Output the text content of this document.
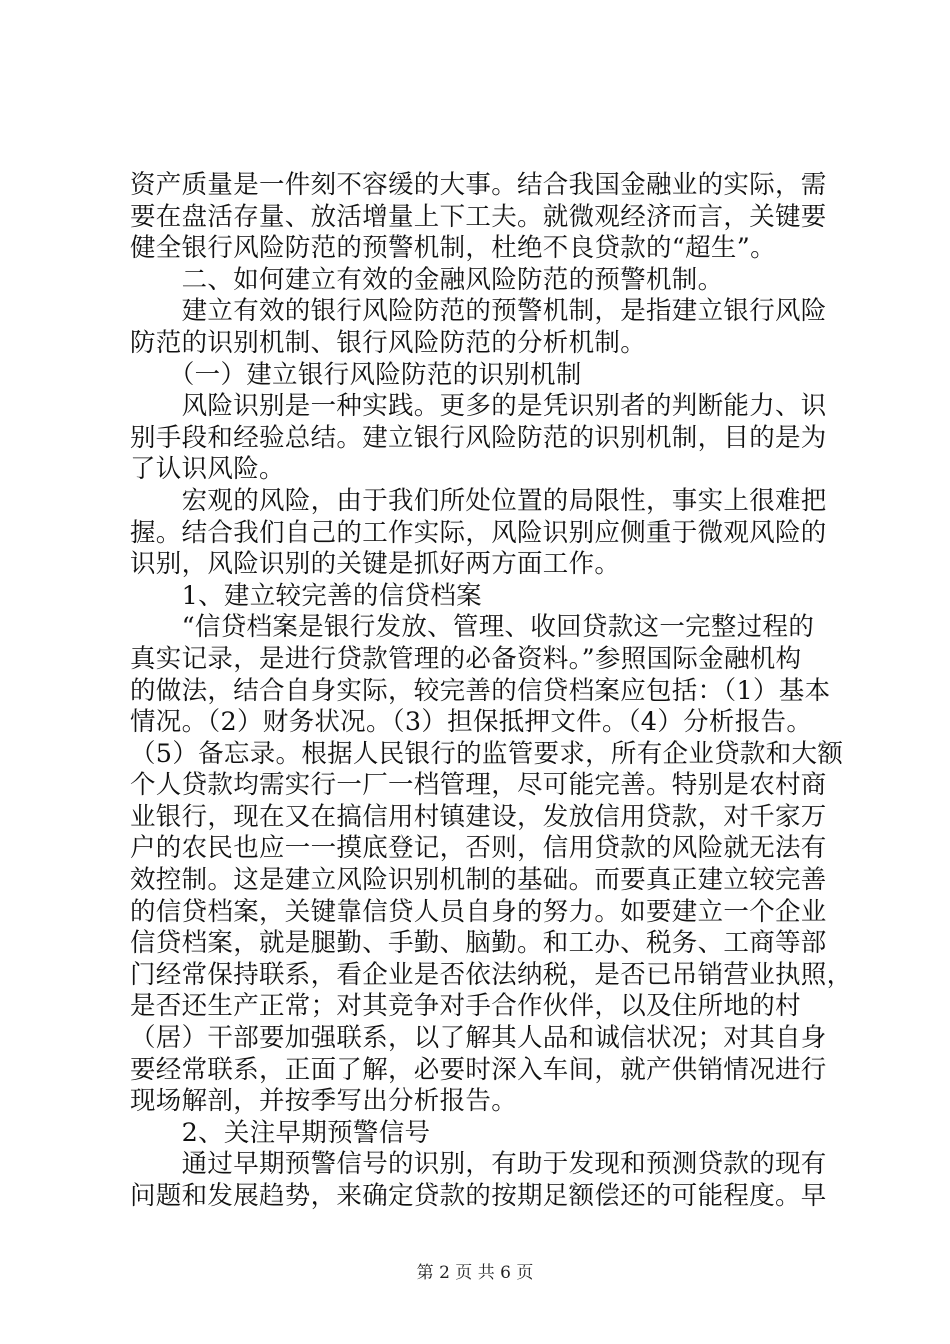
资产质量是一件刻不容缓的大事。结合我国金融业的实际，需
要在盘活存量、放活增量上下工夫。就微观经济而言，关键要
健全银行风险防范的预警机制，杜绝不良贷款的“超生”。
　　二、如何建立有效的金融风险防范的预警机制。
　　建立有效的银行风险防范的预警机制，是指建立银行风险
防范的识别机制、银行风险防范的分析机制。
　　（一）建立银行风险防范的识别机制
　　风险识别是一种实践。更多的是凭识别者的判断能力、识
别手段和经验总结。建立银行风险防范的识别机制，目的是为
了认识风险。
　　宏观的风险，由于我们所处位置的局限性，事实上很难把
握。结合我们自己的工作实际，风险识别应侧重于微观风险的
识别，风险识别的关键是抓好两方面工作。
　　1、建立较完善的信贷档案
　　“信贷档案是银行发放、管理、收回贷款这一完整过程的
真实记录，是进行贷款管理的必备资料。”参照国际金融机构
的做法，结合自身实际，较完善的信贷档案应包括：（1）基本
情况。（2）财务状况。（3）担保抵押文件。（4）分析报告。
（5）备忘录。根据人民银行的监管要求，所有企业贷款和大额
个人贷款均需实行一厂一档管理，尽可能完善。特别是农村商
业银行，现在又在搞信用村镇建设，发放信用贷款，对千家万
户的农民也应一一摸底登记，否则，信用贷款的风险就无法有
效控制。这是建立风险识别机制的基础。而要真正建立较完善
的信贷档案，关键靠信贷人员自身的努力。如要建立一个企业
信贷档案，就是腿勤、手勤、脑勤。和工办、税务、工商等部
门经常保持联系，看企业是否依法纳税，是否已吊销营业执照，
是否还生产正常；对其竞争对手合作伙伴，以及住所地的村
（居）干部要加强联系，以了解其人品和诚信状况；对其自身
要经常联系，正面了解，必要时深入车间，就产供销情况进行
现场解剖，并按季写出分析报告。
　　2、关注早期预警信号
　　通过早期预警信号的识别，有助于发现和预测贷款的现有
问题和发展趋势，来确定贷款的按期足额偿还的可能程度。早
第 2 页 共 6 页
